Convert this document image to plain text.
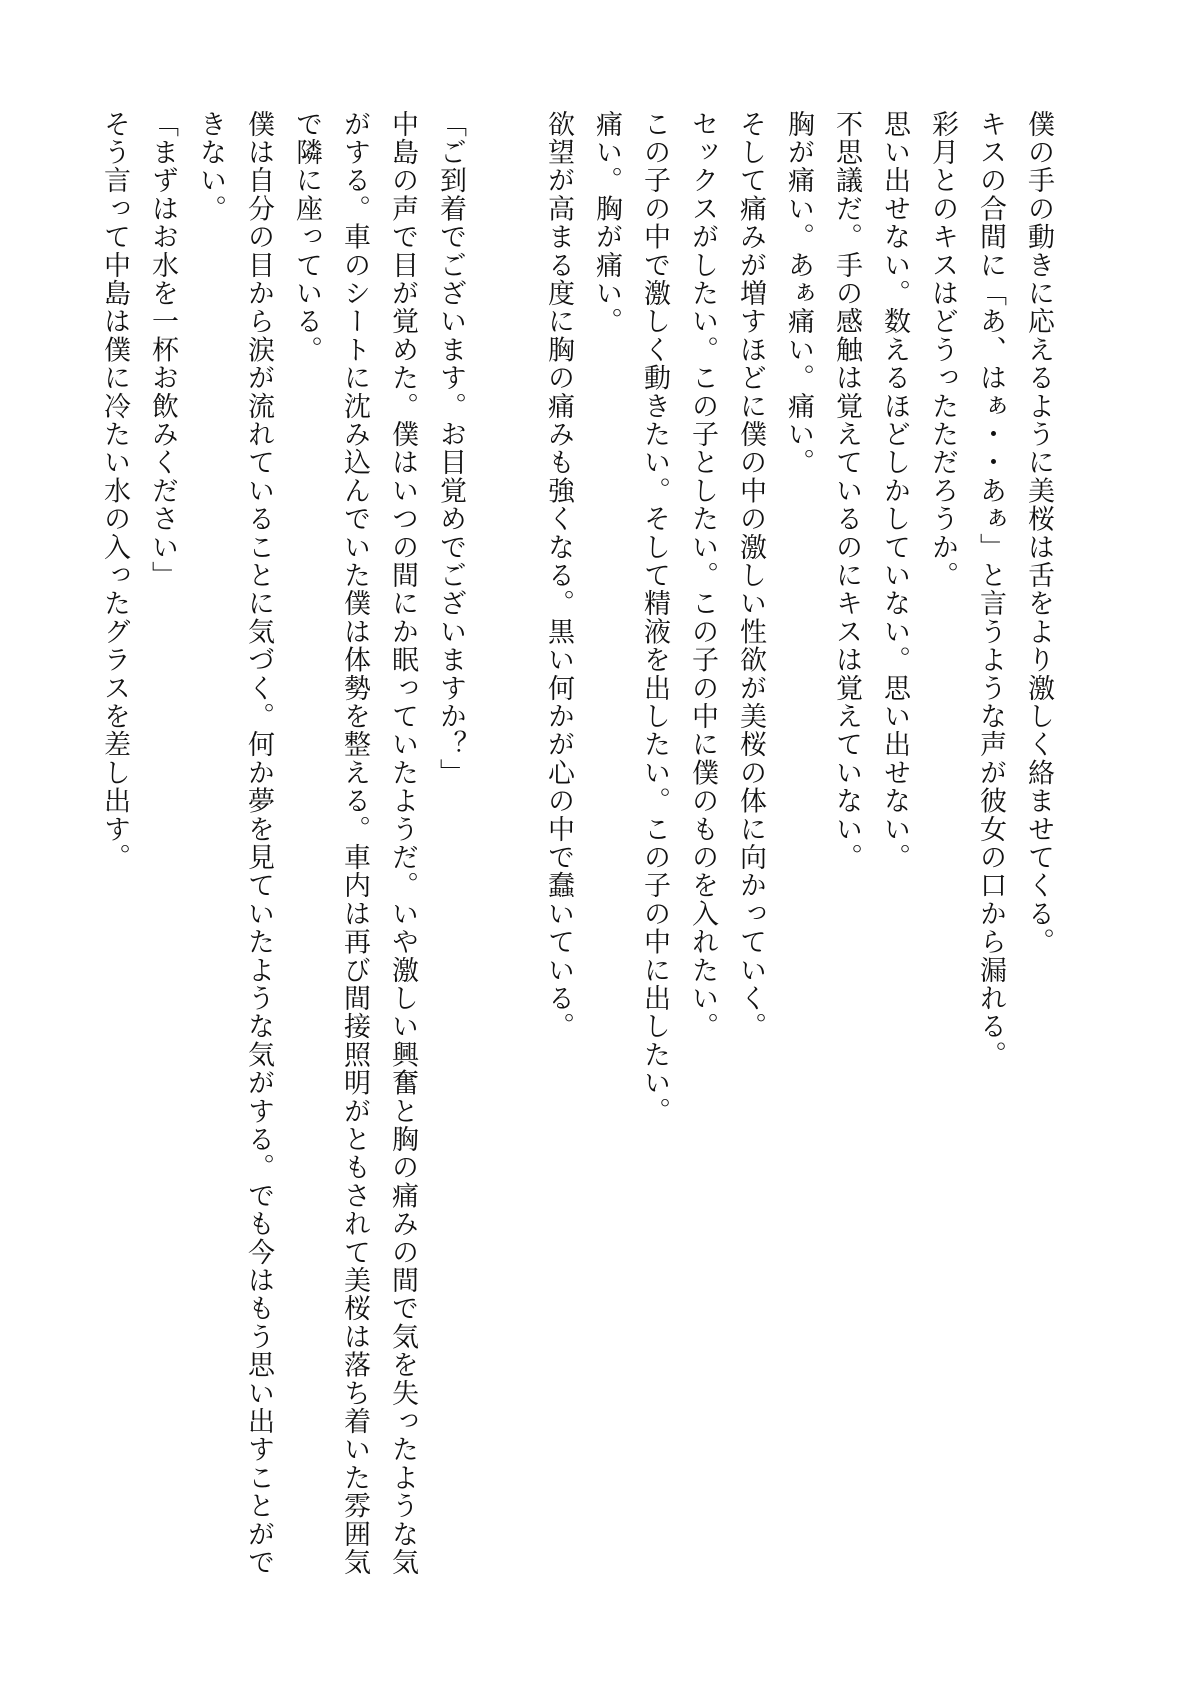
僕の手の動きに応えるように美桜は舌をより激しく絡ませてくる。
キスの合間に「あ、はぁ・・あぁ」と言うような声が彼女の口から漏れる。
彩月とのキスはどうったただろうか。
思い出せない。数えるほどしかしていない。思い出せない。
不思議だ。手の感触は覚えているのにキスは覚えていない。
胸が痛い。あぁ痛い。痛い。
そして痛みが増すほどに僕の中の激しい性欲が美桜の体に向かっていく。
セックスがしたい。この子としたい。この子の中に僕のものを入れたい。
この子の中で激しく動きたい。そして精液を出したい。この子の中に出したい。
痛い。胸が痛い。
欲望が高まる度に胸の痛みも強くなる。黒い何かが心の中で蠢いている。
「ご到着でございます。お目覚めでございますか？」
中島の声で目が覚めた。僕はいつの間にか眠っていたようだ。いや激しい興奮と胸の痛みの間で気を失ったような気
がする。車のシートに沈み込んでいた僕は体勢を整える。車内は再び間接照明がともされて美桜は落ち着いた雰囲気
で隣に座っている。
僕は自分の目から涙が流れていることに気づく。何か夢を見ていたような気がする。でも今はもう思い出すことがで
きない。
「まずはお水を一杯お飲みください」
そう言って中島は僕に冷たい水の入ったグラスを差し出す。
